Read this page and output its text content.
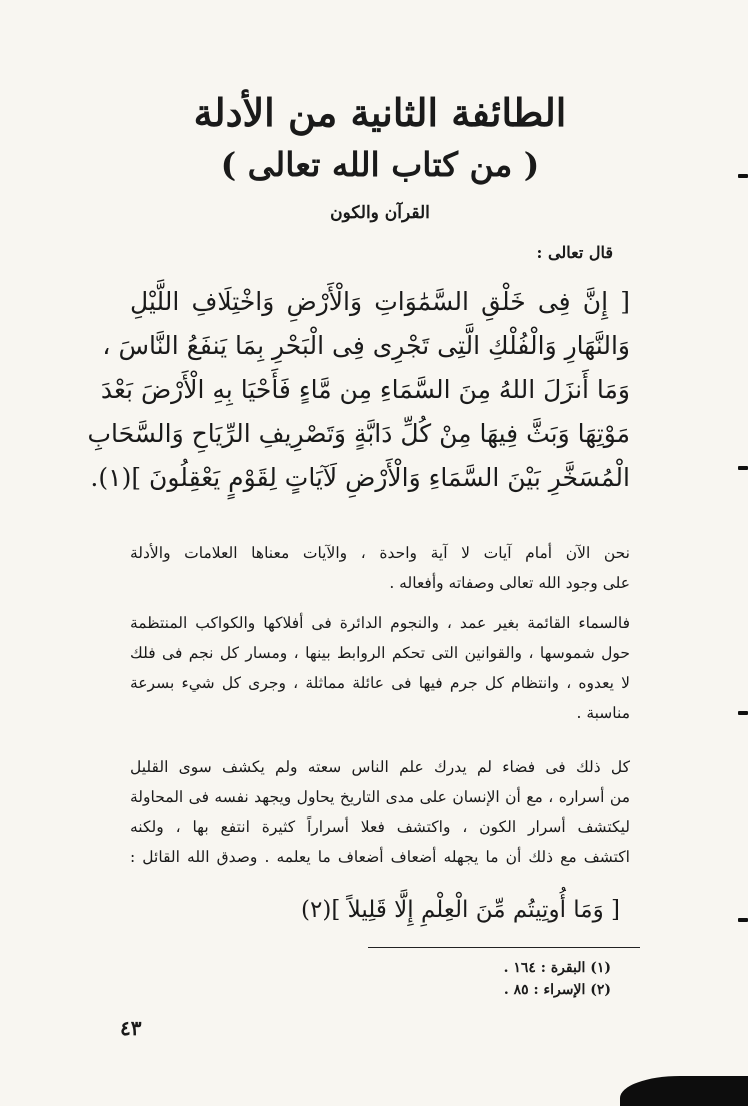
الطائفة الثانية من الأدلة
( من كتاب الله تعالى )
القرآن والكون
قال تعالى :
[ إِنَّ فِى خَلْقِ السَّمَٰوَاتِ وَالْأَرْضِ وَاخْتِلَافِ اللَّيْلِ
وَالنَّهَارِ وَالْفُلْكِ الَّتِى تَجْرِى فِى الْبَحْرِ بِمَا يَنفَعُ النَّاسَ ،
وَمَا أَنزَلَ اللهُ مِنَ السَّمَاءِ مِن مَّاءٍ فَأَحْيَا بِهِ الْأَرْضَ بَعْدَ
مَوْتِهَا وَبَثَّ فِيهَا مِنْ كُلِّ دَابَّةٍ وَتَصْرِيفِ الرِّيَاحِ وَالسَّحَابِ
الْمُسَخَّرِ بَيْنَ السَّمَاءِ وَالْأَرْضِ لَآيَاتٍ لِقَوْمٍ يَعْقِلُونَ ](١).
نحن الآن أمام آيات لا آية واحدة ، والآيات معناها العلامات والأدلة
على وجود الله تعالى وصفاته وأفعاله .
فالسماء القائمة بغير عمد ، والنجوم الدائرة فى أفلاكها والكواكب المنتظمة
حول شموسها ، والقوانين التى تحكم الروابط بينها ، ومسار كل نجم فى فلك
لا يعدوه ، وانتظام كل جرم فيها فى عائلة مماثلة ، وجرى كل شيء بسرعة
مناسبة .
كل ذلك فى فضاء لم يدرك علم الناس سعته ولم يكشف سوى القليل
من أسراره ، مع أن الإنسان على مدى التاريخ يحاول ويجهد نفسه فى المحاولة
ليكتشف أسرار الكون ، واكتشف فعلا أسراراً كثيرة انتفع بها ، ولكنه
اكتشف مع ذلك أن ما يجهله أضعاف أضعاف ما يعلمه . وصدق الله القائل :
[ وَمَا أُوتِيتُم مِّنَ الْعِلْمِ إِلَّا قَلِيلاً ](٢)
(١) البقرة : ١٦٤ .
(٢) الإسراء : ٨٥ .
٤٣
